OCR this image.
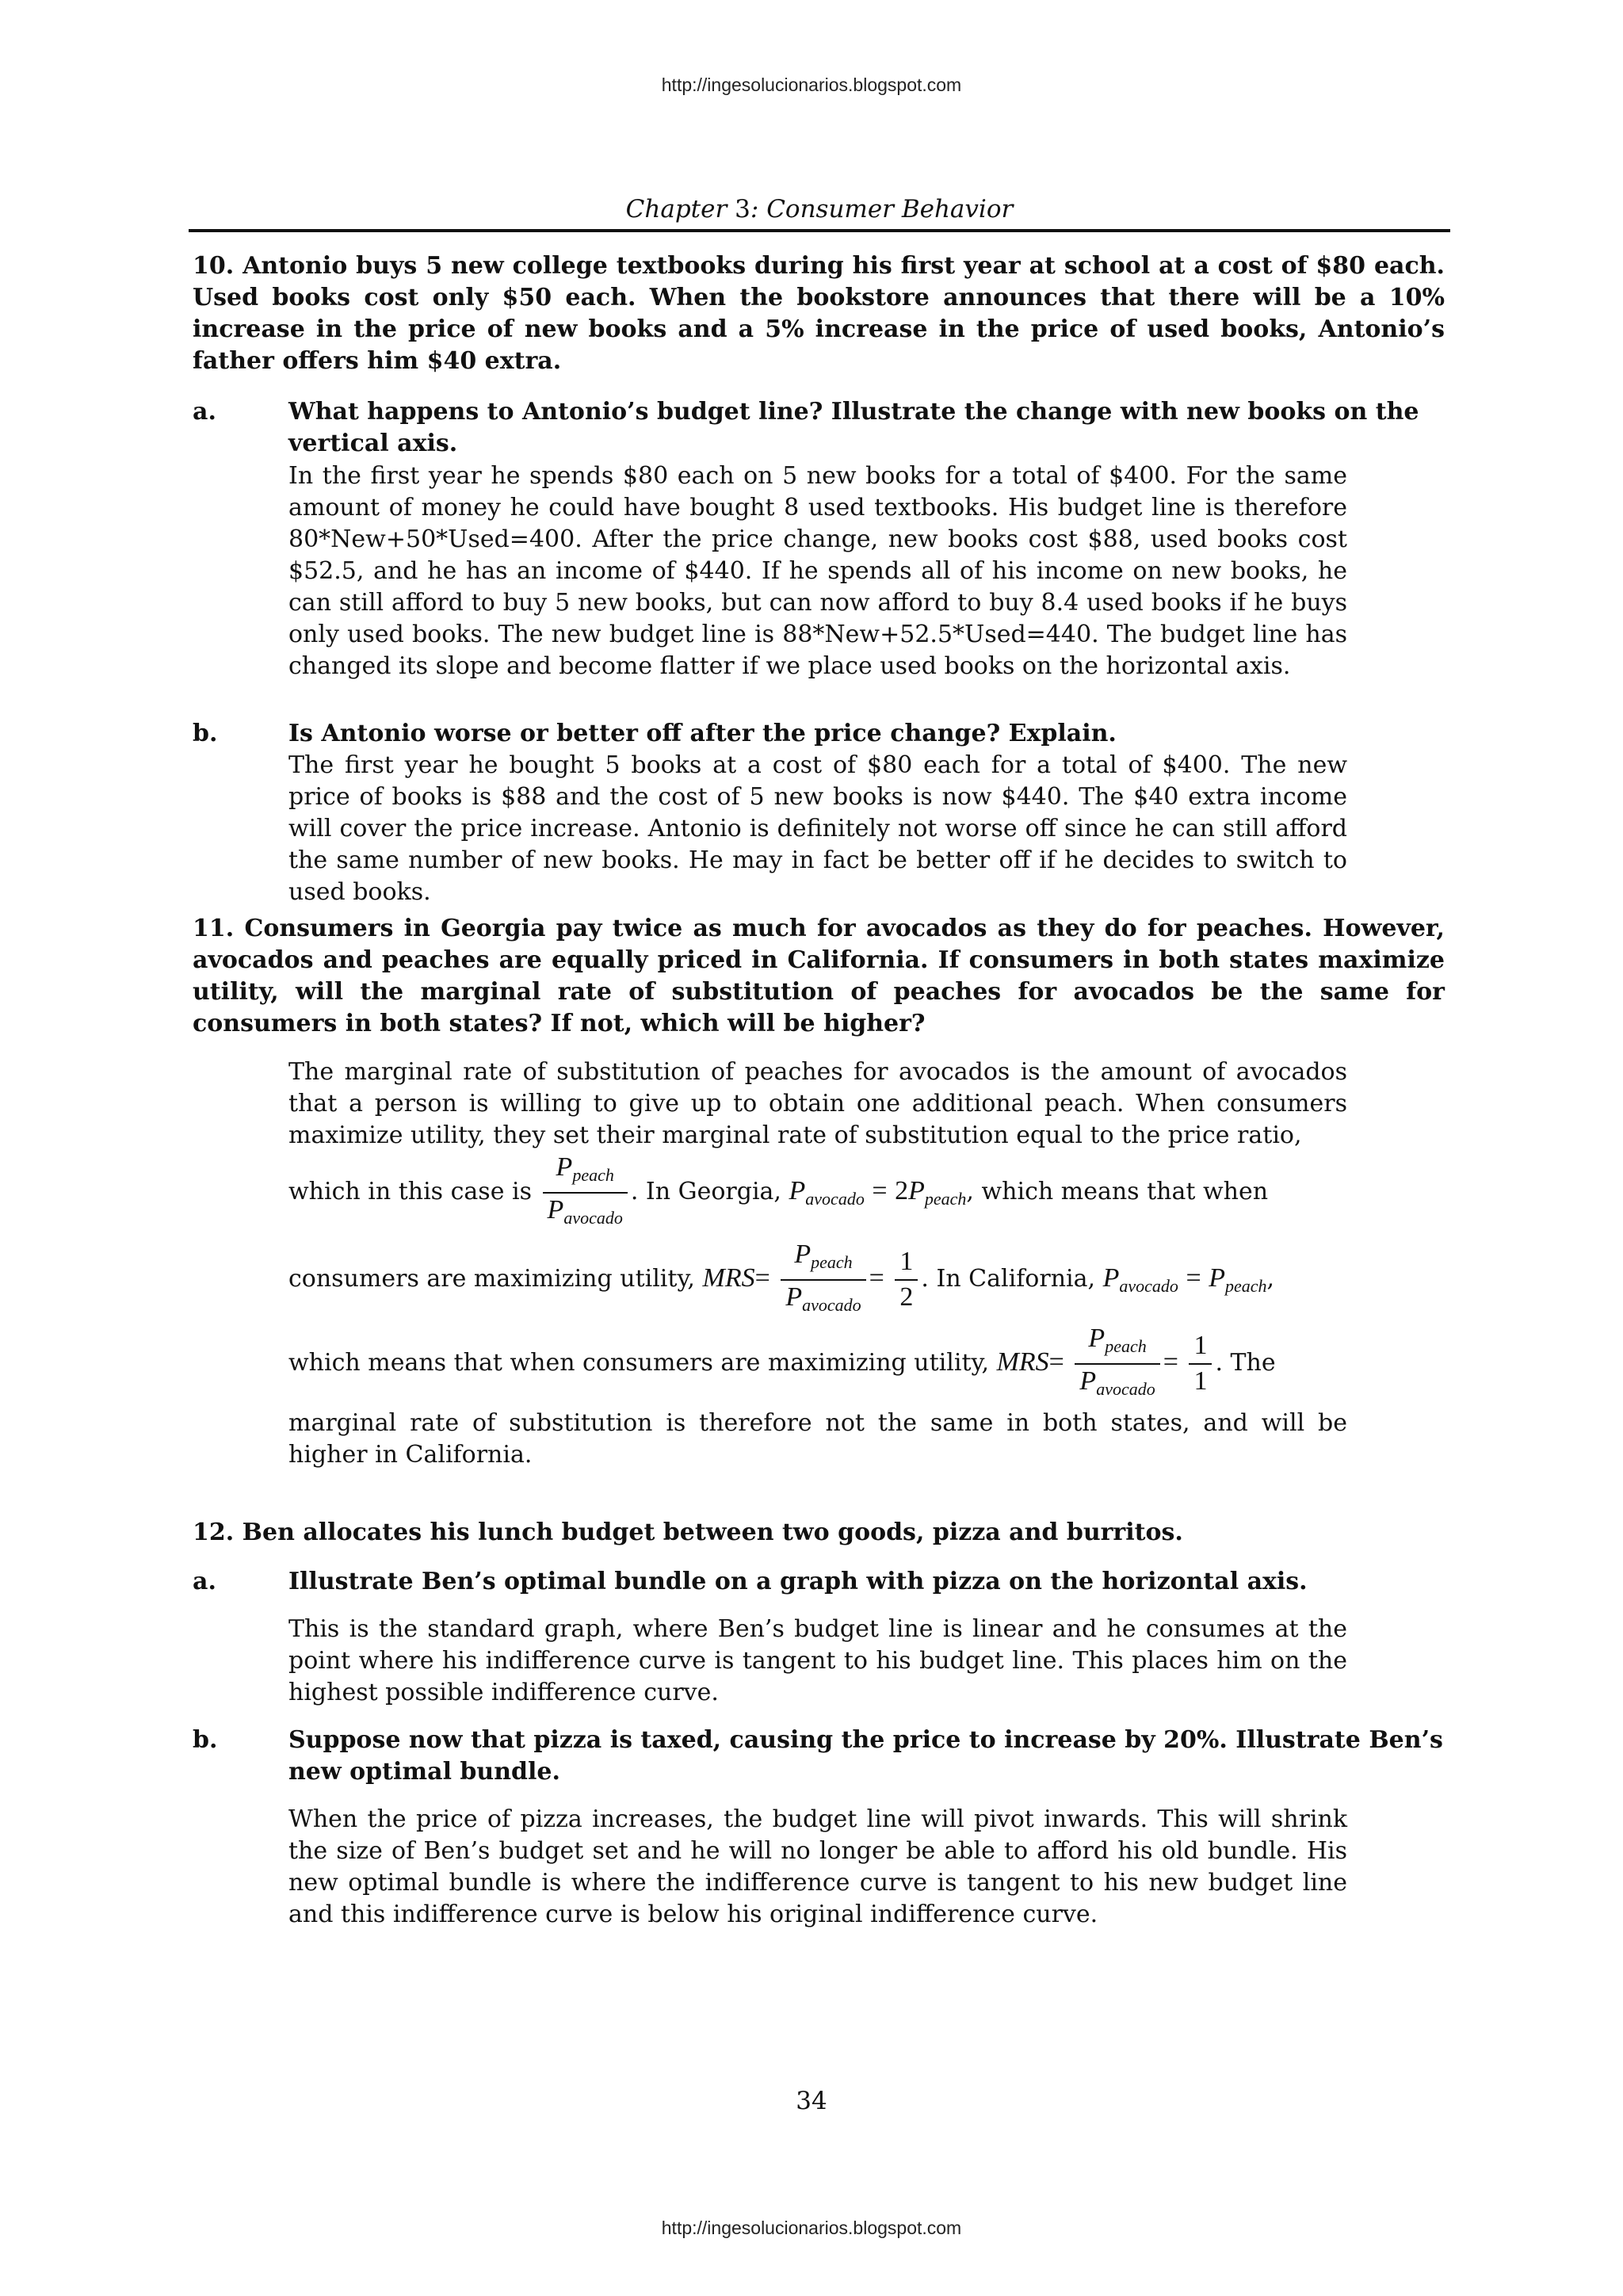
http://ingesolucionarios.blogspot.com
Chapter 3: Consumer Behavior
10. Antonio buys 5 new college textbooks during his first year at school at a cost of $80 each. Used books cost only $50 each. When the bookstore announces that there will be a 10% increase in the price of new books and a 5% increase in the price of used books, Antonio’s father offers him $40 extra.
a.	What happens to Antonio’s budget line? Illustrate the change with new books on the vertical axis.
In the first year he spends $80 each on 5 new books for a total of $400. For the same amount of money he could have bought 8 used textbooks. His budget line is therefore 80*New+50*Used=400. After the price change, new books cost $88, used books cost $52.5, and he has an income of $440. If he spends all of his income on new books, he can still afford to buy 5 new books, but can now afford to buy 8.4 used books if he buys only used books. The new budget line is 88*New+52.5*Used=440. The budget line has changed its slope and become flatter if we place used books on the horizontal axis.
b.	Is Antonio worse or better off after the price change? Explain.
The first year he bought 5 books at a cost of $80 each for a total of $400. The new price of books is $88 and the cost of 5 new books is now $440. The $40 extra income will cover the price increase. Antonio is definitely not worse off since he can still afford the same number of new books. He may in fact be better off if he decides to switch to used books.
11. Consumers in Georgia pay twice as much for avocados as they do for peaches. However, avocados and peaches are equally priced in California. If consumers in both states maximize utility, will the marginal rate of substitution of peaches for avocados be the same for consumers in both states? If not, which will be higher?
The marginal rate of substitution of peaches for avocados is the amount of avocados that a person is willing to give up to obtain one additional peach. When consumers maximize utility, they set their marginal rate of substitution equal to the price ratio,
which in this case is $\frac{P_{peach}}{P_{avocado}}$ . In Georgia, $P_{avocado} = 2P_{peach}$, which means that when
consumers are maximizing utility, $MRS= \frac{P_{peach}}{P_{avocado}} = \frac{1}{2}$ . In California, $P_{avocado} = P_{peach}$,
which means that when consumers are maximizing utility, $MRS= \frac{P_{peach}}{P_{avocado}} = \frac{1}{1}$ . The
marginal rate of substitution is therefore not the same in both states, and will be higher in California.
12. Ben allocates his lunch budget between two goods, pizza and burritos.
a.	Illustrate Ben’s optimal bundle on a graph with pizza on the horizontal axis.
This is the standard graph, where Ben’s budget line is linear and he consumes at the point where his indifference curve is tangent to his budget line. This places him on the highest possible indifference curve.
b.	Suppose now that pizza is taxed, causing the price to increase by 20%. Illustrate Ben’s new optimal bundle.
When the price of pizza increases, the budget line will pivot inwards. This will shrink the size of Ben’s budget set and he will no longer be able to afford his old bundle. His new optimal bundle is where the indifference curve is tangent to his new budget line and this indifference curve is below his original indifference curve.
34
http://ingesolucionarios.blogspot.com
